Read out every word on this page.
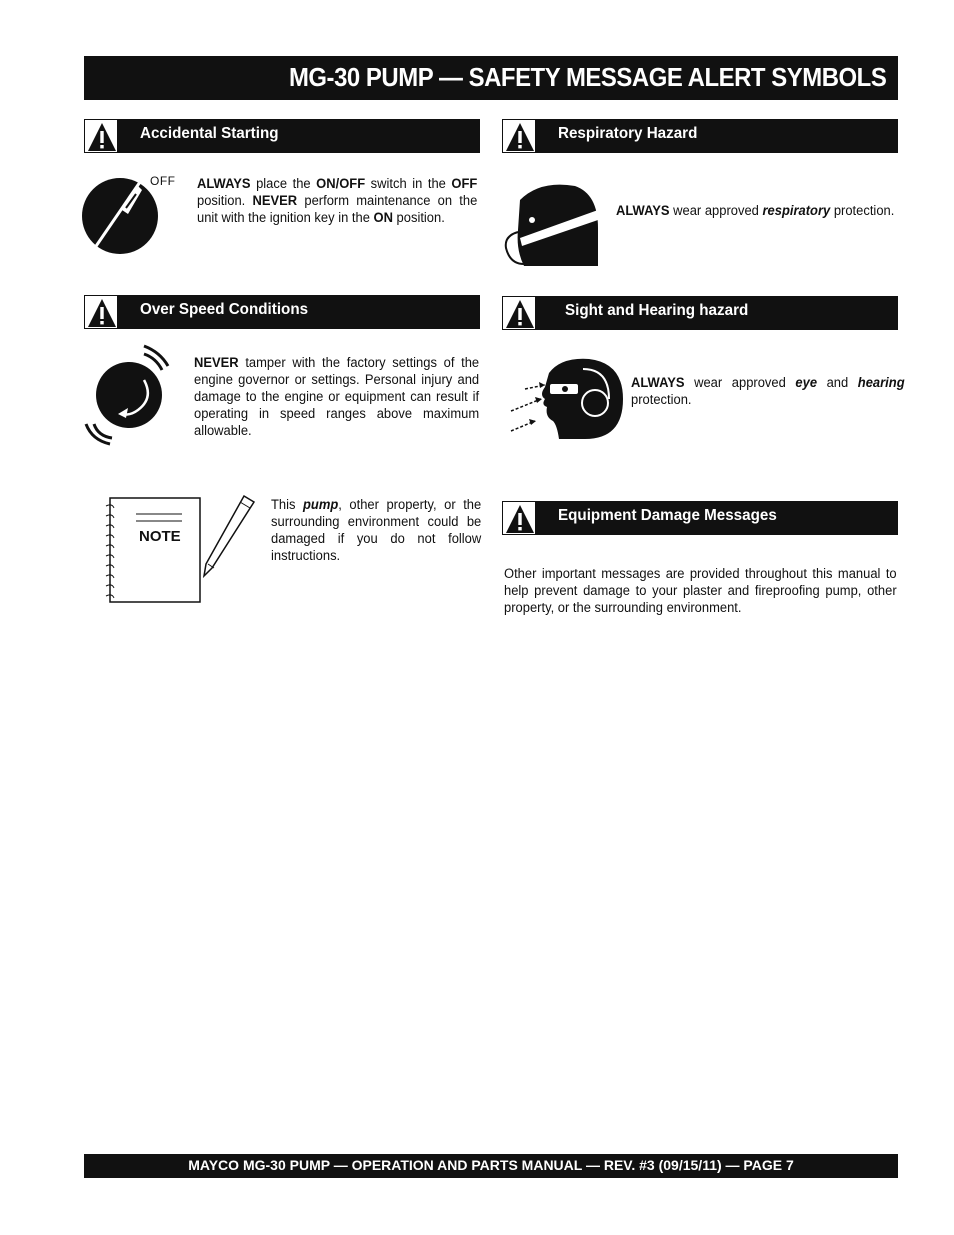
MG-30 PUMP — SAFETY MESSAGE ALERT SYMBOLS
Accidental Starting
OFF ALWAYS place the ON/OFF switch in the OFF position. NEVER perform maintenance on the unit with the ignition key in the ON position.
Respiratory Hazard
ALWAYS wear approved respiratory protection.
Over Speed Conditions
NEVER tamper with the factory settings of the engine governor or settings. Personal injury and damage to the engine or equipment can result if operating in speed ranges above maximum allowable.
Sight and Hearing hazard
ALWAYS wear approved eye and hearing protection.
NOTE
This pump, other property, or the surrounding environment could be damaged if you do not follow instructions.
Equipment Damage Messages
Other important messages are provided throughout this manual to help prevent damage to your plaster and fireproofing pump, other property, or the surrounding environment.
MAYCO MG-30 PUMP — OPERATION AND PARTS MANUAL — REV. #3 (09/15/11) — PAGE 7
